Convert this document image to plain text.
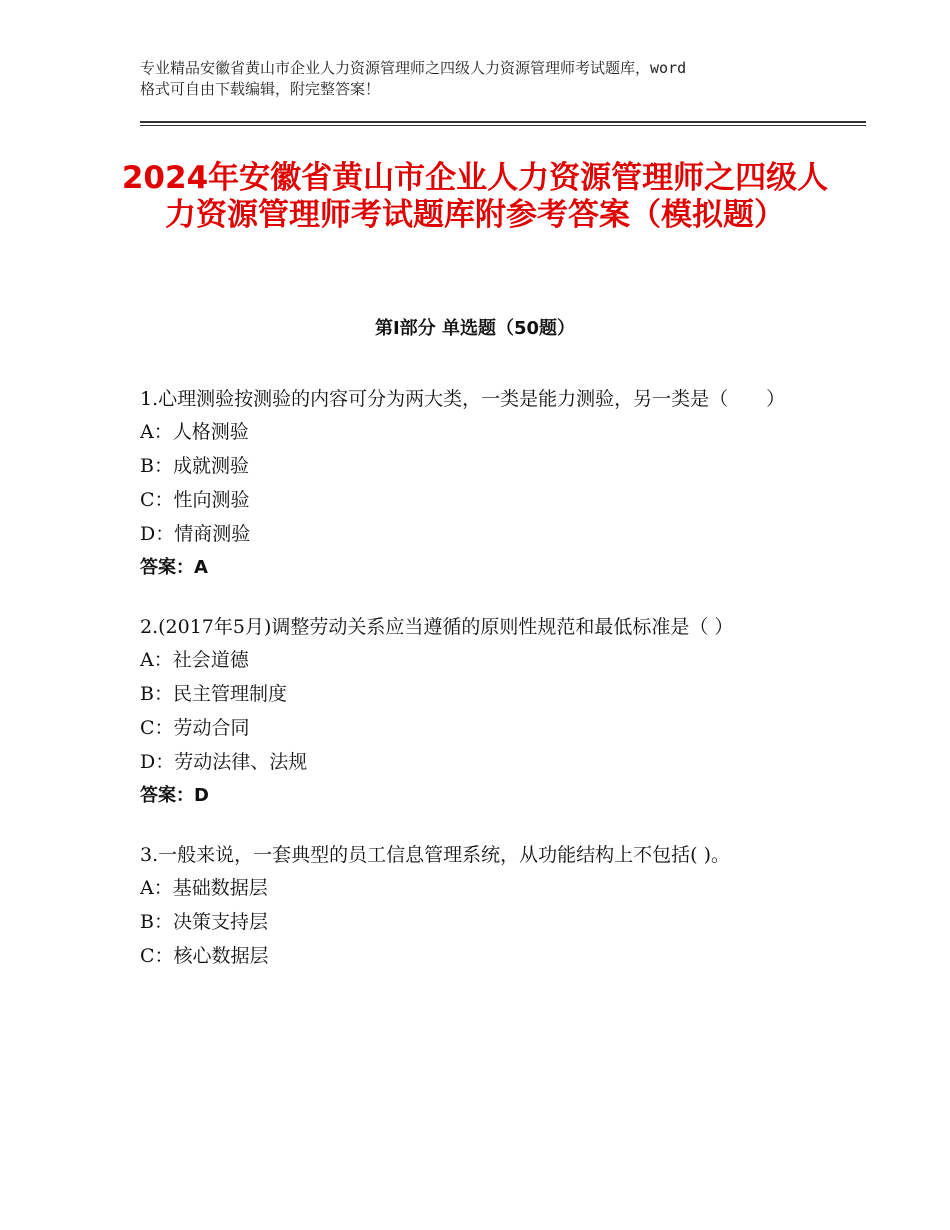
专业精品安徽省黄山市企业人力资源管理师之四级人力资源管理师考试题库，word
格式可自由下载编辑，附完整答案！
2024年安徽省黄山市企业人力资源管理师之四级人力资源管理师考试题库附参考答案（模拟题）
第Ⅰ部分 单选题（50题）
1.心理测验按测验的内容可分为两大类，一类是能力测验，另一类是（　　）
A：人格测验
B：成就测验
C：性向测验
D：情商测验
答案：A
2.(2017年5月)调整劳动关系应当遵循的原则性规范和最低标准是（ ）
A：社会道德
B：民主管理制度
C：劳动合同
D：劳动法律、法规
答案：D
3.一般来说，一套典型的员工信息管理系统，从功能结构上不包括( )。
A：基础数据层
B：决策支持层
C：核心数据层
